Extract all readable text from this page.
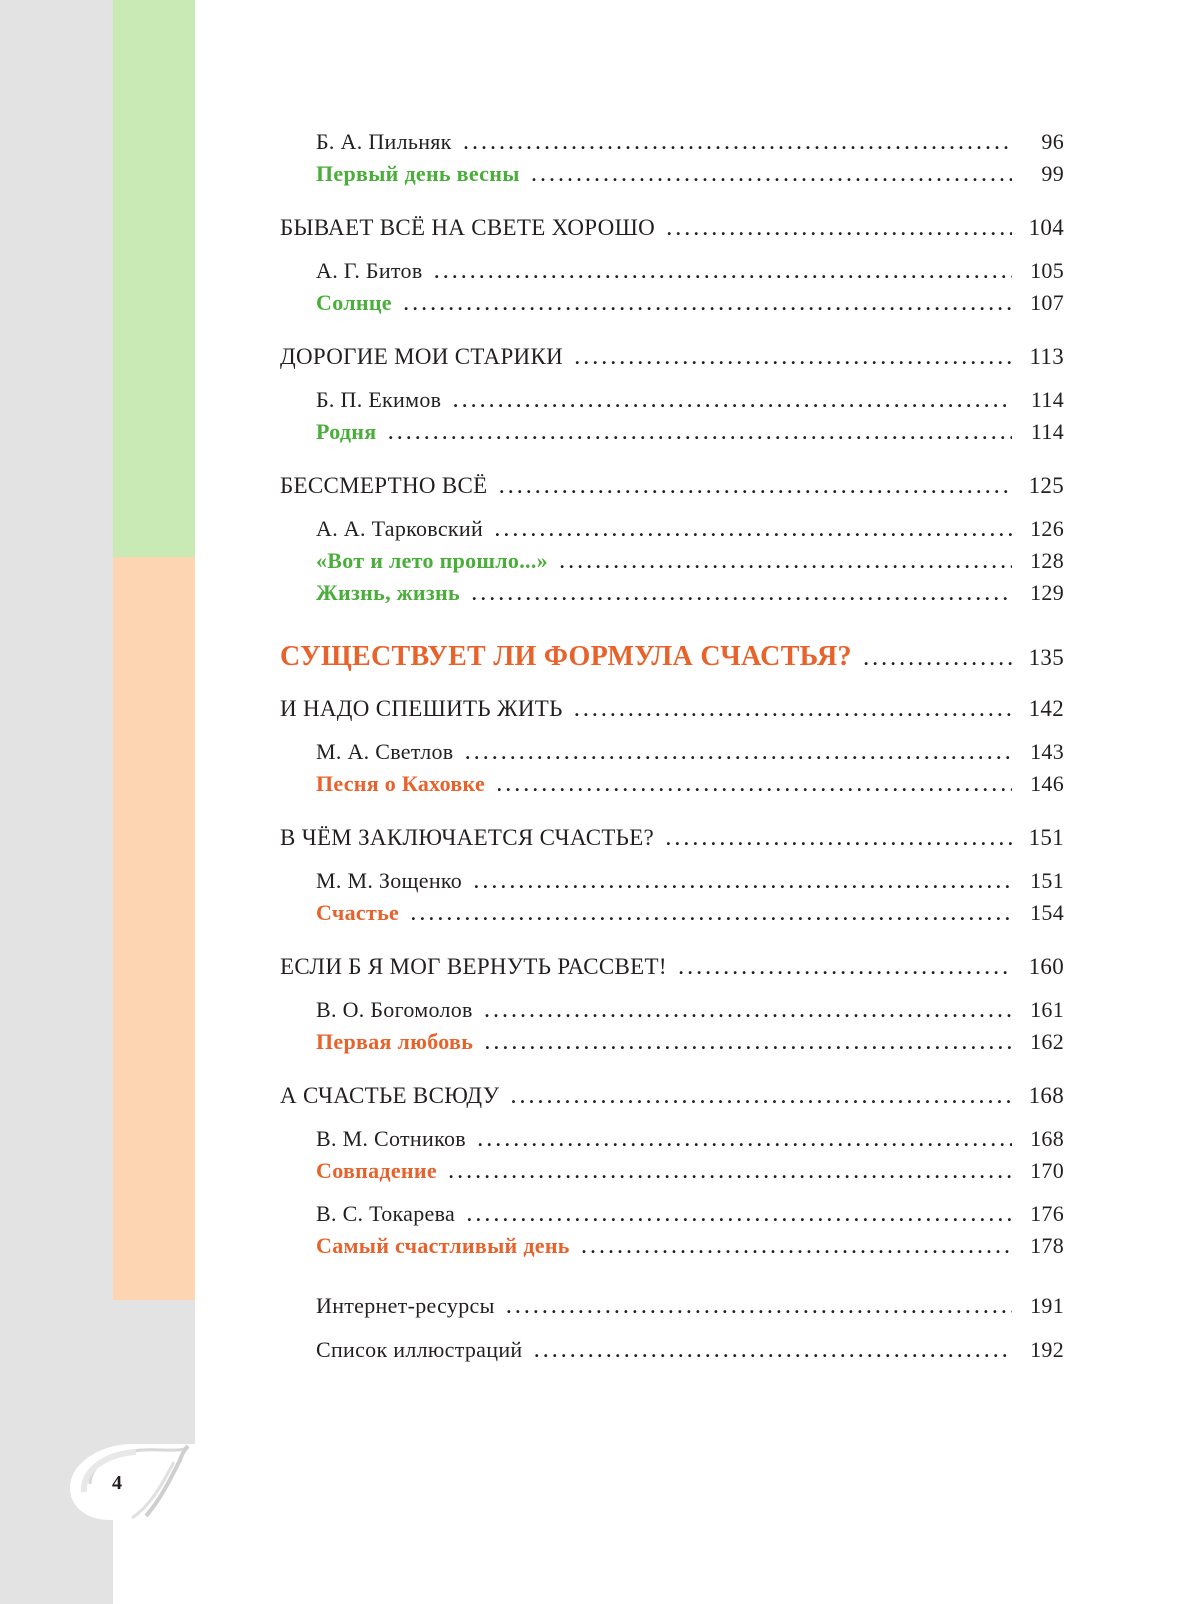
4
Б. А. Пильняк . . .	96
Первый день весны . . .	99
БЫВАЕТ ВСЁ НА СВЕТЕ ХОРОШО . . .	104
А. Г. Битов . . .	105
Солнце . . .	107
ДОРОГИЕ МОИ СТАРИКИ . . .	113
Б. П. Екимов . . .	114
Родня . . .	114
БЕССМЕРТНО ВСЁ . . .	125
А. А. Тарковский . . .	126
«Вот и лето прошло...» . . .	128
Жизнь, жизнь . . .	129
СУЩЕСТВУЕТ ЛИ ФОРМУЛА СЧАСТЬЯ? . . .	135
И НАДО СПЕШИТЬ ЖИТЬ . . .	142
М. А. Светлов . . .	143
Песня о Каховке . . .	146
В ЧЁМ ЗАКЛЮЧАЕТСЯ СЧАСТЬЕ? . . .	151
М. М. Зощенко . . .	151
Счастье . . .	154
ЕСЛИ Б Я МОГ ВЕРНУТЬ РАССВЕТ! . . .	160
В. О. Богомолов . . .	161
Первая любовь . . .	162
А СЧАСТЬЕ ВСЮДУ . . .	168
В. М. Сотников . . .	168
Совпадение . . .	170
В. С. Токарева . . .	176
Самый счастливый день . . .	178
Интернет-ресурсы . . .	191
Список иллюстраций . . .	192
